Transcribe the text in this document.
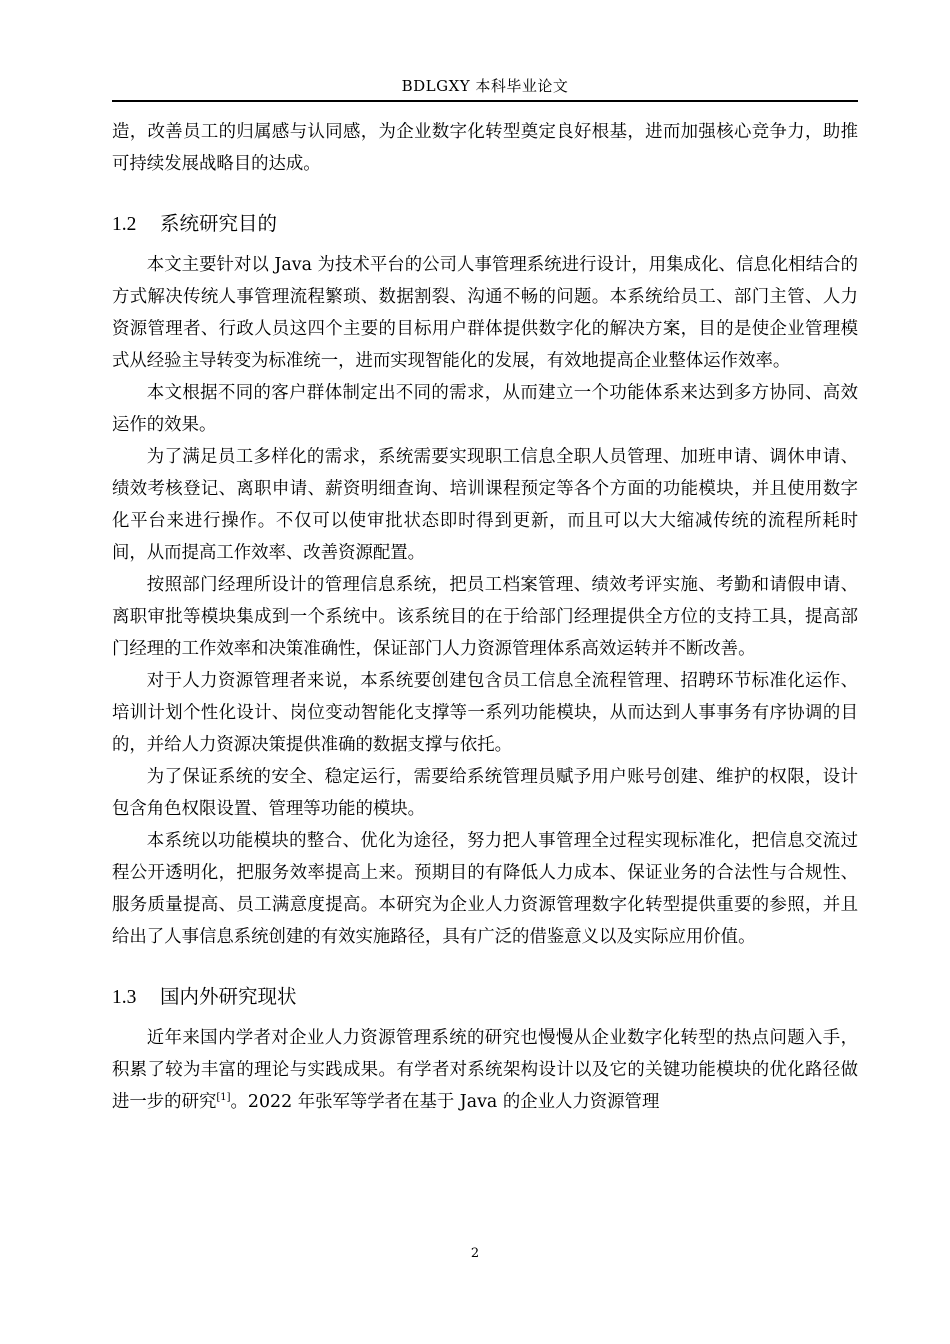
BDLGXY 本科毕业论文

造，改善员工的归属感与认同感，为企业数字化转型奠定良好根基，进而加强核心竞争力，助推可持续发展战略目的达成。

1.2 系统研究目的

本文主要针对以 Java 为技术平台的公司人事管理系统进行设计，用集成化、信息化相结合的方式解决传统人事管理流程繁琐、数据割裂、沟通不畅的问题。本系统给员工、部门主管、人力资源管理者、行政人员这四个主要的目标用户群体提供数字化的解决方案，目的是使企业管理模式从经验主导转变为标准统一，进而实现智能化的发展，有效地提高企业整体运作效率。

本文根据不同的客户群体制定出不同的需求，从而建立一个功能体系来达到多方协同、高效运作的效果。

为了满足员工多样化的需求，系统需要实现职工信息全职人员管理、加班申请、调休申请、绩效考核登记、离职申请、薪资明细查询、培训课程预定等各个方面的功能模块，并且使用数字化平台来进行操作。不仅可以使审批状态即时得到更新，而且可以大大缩减传统的流程所耗时间，从而提高工作效率、改善资源配置。

按照部门经理所设计的管理信息系统，把员工档案管理、绩效考评实施、考勤和请假申请、离职审批等模块集成到一个系统中。该系统目的在于给部门经理提供全方位的支持工具，提高部门经理的工作效率和决策准确性，保证部门人力资源管理体系高效运转并不断改善。

对于人力资源管理者来说，本系统要创建包含员工信息全流程管理、招聘环节标准化运作、培训计划个性化设计、岗位变动智能化支撑等一系列功能模块，从而达到人事事务有序协调的目的，并给人力资源决策提供准确的数据支撑与依托。

为了保证系统的安全、稳定运行，需要给系统管理员赋予用户账号创建、维护的权限，设计包含角色权限设置、管理等功能的模块。

本系统以功能模块的整合、优化为途径，努力把人事管理全过程实现标准化，把信息交流过程公开透明化，把服务效率提高上来。预期目的有降低人力成本、保证业务的合法性与合规性、服务质量提高、员工满意度提高。本研究为企业人力资源管理数字化转型提供重要的参照，并且给出了人事信息系统创建的有效实施路径，具有广泛的借鉴意义以及实际应用价值。

1.3 国内外研究现状

近年来国内学者对企业人力资源管理系统的研究也慢慢从企业数字化转型的热点问题入手，积累了较为丰富的理论与实践成果。有学者对系统架构设计以及它的关键功能模块的优化路径做进一步的研究[1]。2022 年张军等学者在基于 Java 的企业人力资源管理

2
